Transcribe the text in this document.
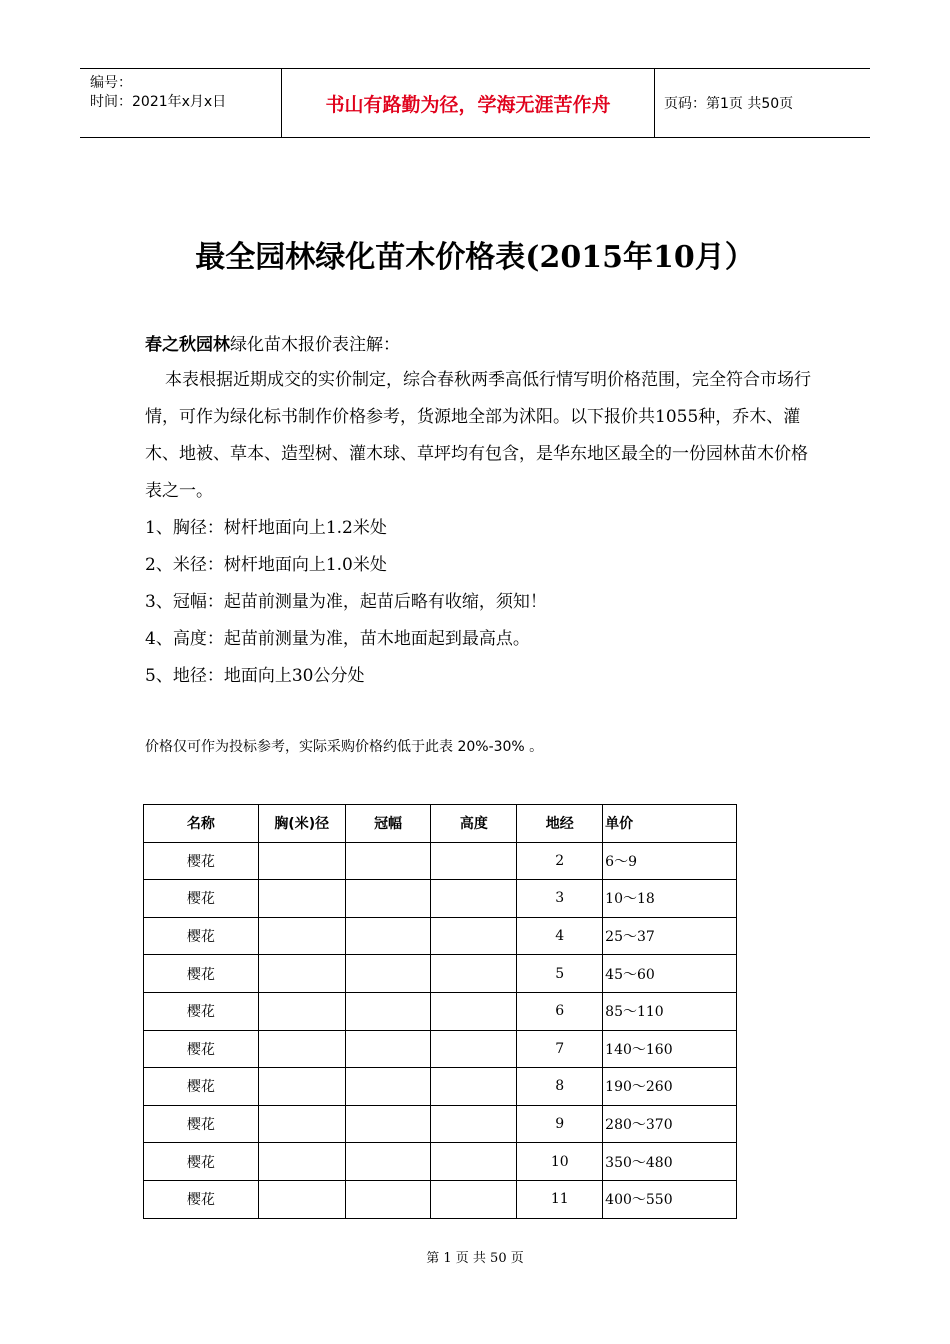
编号：
时间：2021年x月x日	书山有路勤为径，学海无涯苦作舟	页码：第1页 共50页
最全园林绿化苗木价格表(2015年10月）
春之秋园林绿化苗木报价表注解：
本表根据近期成交的实价制定，综合春秋两季高低行情写明价格范围，完全符合市场行情，可作为绿化标书制作价格参考，货源地全部为沭阳。以下报价共1055种，乔木、灌木、地被、草本、造型树、灌木球、草坪均有包含，是华东地区最全的一份园林苗木价格表之一。
1、胸径：树杆地面向上1.2米处
2、米径：树杆地面向上1.0米处
3、冠幅：起苗前测量为准，起苗后略有收缩，须知！
4、高度：起苗前测量为准，苗木地面起到最高点。
5、地径：地面向上30公分处
价格仅可作为投标参考，实际采购价格约低于此表 20%-30% 。
名称	胸(米)径	冠幅	高度	地经	单价
樱花				2	6～9
樱花				3	10～18
樱花				4	25～37
樱花				5	45～60
樱花				6	85～110
樱花				7	140～160
樱花				8	190～260
樱花				9	280～370
樱花				10	350～480
樱花				11	400～550
第 1 页 共 50 页
